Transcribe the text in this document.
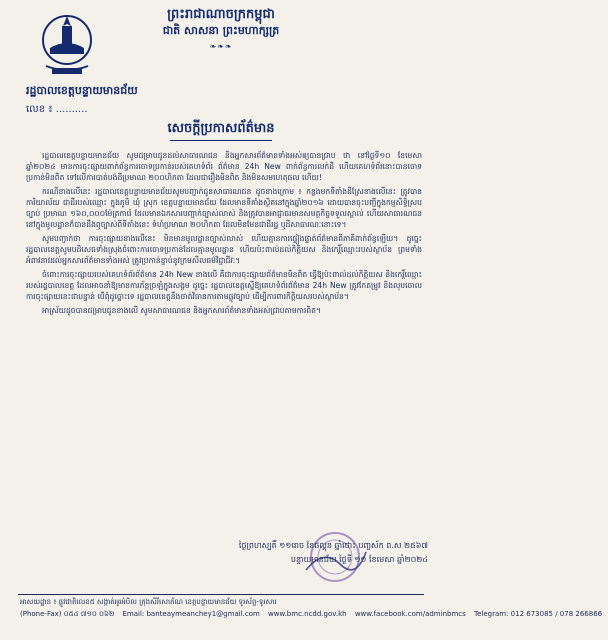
ព្រះរាជាណាចក្រកម្ពុជា
ជាតិ សាសនា ព្រះមហាក្សត្រ
❧❧❧
រដ្ឋបាលខេត្តបន្ទាយមានជ័យ
លេខ ៖ ..........
សេចក្តីប្រកាសព័ត៌មាន

រដ្ឋបាលខេត្តបន្ទាយមានជ័យ សូមជម្រាបជូនដល់សាធារណជន និងអ្នកសារព័ត៌មានទាំងអស់ឲ្យបានជ្រាប ថា នៅថ្ងៃទី១០ ខែមេសា ឆ្នាំ២០២៤ មានការចុះផ្សាយពាក់ព័ន្ធការចោទប្រកាន់របស់គេហទំព័រ ព័ត៌មាន 24h New ពាក់ព័ន្ធការលក់ដី ហើយគេហទំព័រនោះបានចោទប្រកាន់មិនពិត ទៅលើការបាត់បង់ដីប្រមាណ ២០០ហិកតា ដែលជារឿងមិនពិត និងមិនសមហេតុផល ហើយ!

ករណីខាងលើនេះ រដ្ឋបាលខេត្តបន្ទាយមានជ័យសូមបញ្ជាក់ជូនសាធារណជន ដូចខាងក្រោម ៖ កន្លងមកទីតាំងដីស្រែខាងលើនេះ ត្រូវបានការិយាល័យ ជាដីរបស់ឈ្មោះ ក្នុងភូមិ ឃុំ ស្រុក ខេត្តបន្ទាយមានជ័យ ដែលមានទីតាំងស្ថិតនៅក្នុងឆ្នាំ២០១៦ ដោយបានចុះបញ្ជីក្នុងកម្មសិទ្ធិស្របច្បាប់ ប្រមាណ ១៦០,០០០ម៉ែត្រការ៉េ ដែលមានឯកសារបញ្ជាក់ច្បាស់លាស់ និងត្រូវបានអាជ្ញាធរមានសមត្ថកិច្ចទទួលស្គាល់ ហើយសាធារណជននៅក្នុងមូលដ្ឋានក៏បានដឹងឮច្បាស់ពីទីតាំងនេះ ទំហំប្រមាណ ២០ហិកតា ដែលមិនមែនជាដីរដ្ឋ ឬដីសាធារណៈនោះទេ។

សូមបញ្ជាក់ថា ការចុះផ្សាយខាងលើនេះ មិនមានមូលដ្ឋានច្បាស់លាស់ ហើយគ្មានការផ្ទៀងផ្ទាត់ព័ត៌មានពីភាគីពាក់ព័ន្ធឡើយ។ ដូច្នេះ រដ្ឋបាលខេត្តសូមបដិសេធទាំងស្រុងចំពោះការចោទប្រកាន់ដែលគ្មានមូលដ្ឋាន ហើយប៉ះពាល់ដល់កិត្តិយស និងកេរ្តិ៍ឈ្មោះរបស់ស្ថាប័ន ព្រមទាំងអំពាវនាវដល់អ្នកសារព័ត៌មានទាំងអស់ ត្រូវប្រកាន់ខ្ជាប់នូវក្រមសីលធម៌វិជ្ជាជីវៈ។

ចំពោះការចុះផ្សាយរបស់គេហទំព័រព័ត៌មាន 24h New ខាងលើ គឺជាការចុះផ្សាយព័ត៌មានមិនពិត ធ្វើឱ្យប៉ះពាល់ដល់កិត្តិយស និងកេរ្តិ៍ឈ្មោះរបស់រដ្ឋបាលខេត្ត ដែលអាចនាំឱ្យមានការភ័ន្តច្រឡំក្នុងសង្គម ដូច្នេះ រដ្ឋបាលខេត្តស្នើឱ្យគេហទំព័រព័ត៌មាន 24h New ត្រូវកែតម្រូវ និងលុបចោលការចុះផ្សាយនេះជាបន្ទាន់ បើពុំដូច្នោះទេ រដ្ឋបាលខេត្តនឹងចាត់វិធានការតាមផ្លូវច្បាប់ ដើម្បីការពារកិត្តិយសរបស់ស្ថាប័ន។

អាស្រ័យដូចបានជម្រាបជូនខាងលើ សូមសាធារណជន និងអ្នកសារព័ត៌មានទាំងអស់ជ្រាបតាមការពិត។

ថ្ងៃព្រហស្បតិ៍ ១១រោច ខែផល្គុន ឆ្នាំថោះ បញ្ចស័ក ព.ស ២៥៦៧
បន្ទាយមានជ័យ ថ្ងៃទី ១១ ខែមេសា ឆ្នាំ២០២៤
អាសយដ្ឋាន ៖ ផ្លូវជាតិលេខ៥ សង្កាត់អូរអំបិល ក្រុងសិរីសោភ័ណ ខេត្តបន្ទាយមានជ័យ ទូរស័ព្ទ-ទូរសារ
(Phone-Fax) ០៥៤ ៧១០ ០៦២ Email: banteaymeanchey1@gmail.com www.bmc.ncdd.gov.kh www.facebook.com/adminbmcs Telegram: 012 673085 / 078 266866
